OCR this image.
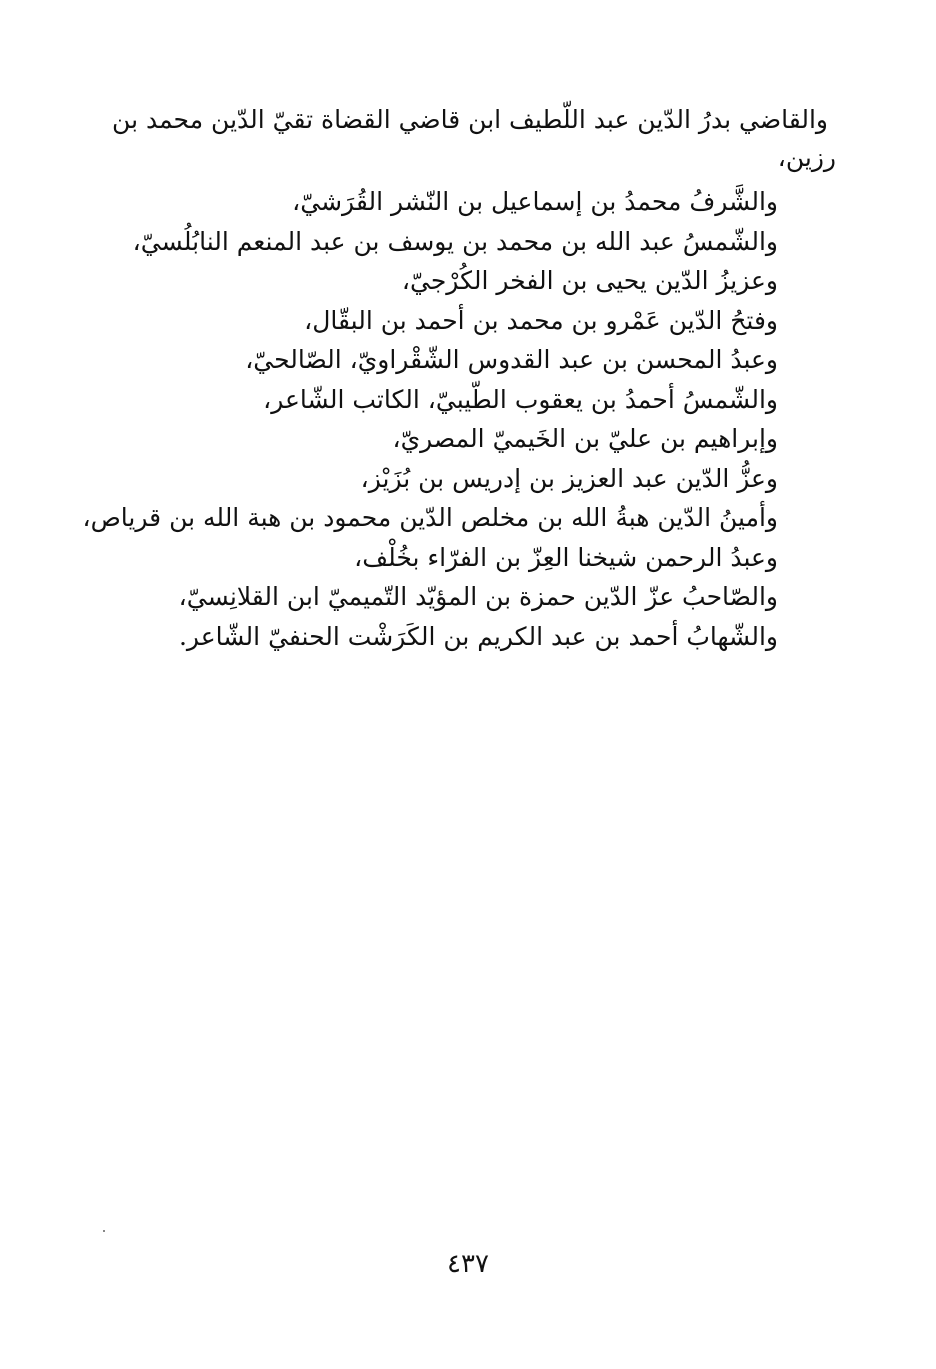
والقاضي بدرُ الدّين عبد اللّطيف ابن قاضي القضاة تقيّ الدّين محمد بن
رزين،
والشَّرفُ محمدُ بن إسماعيل بن النّشر القُرَشيّ،
والشّمسُ عبد الله بن محمد بن يوسف بن عبد المنعم النابُلُسيّ،
وعزيزُ الدّين يحيى بن الفخر الكُرْجيّ،
وفتحُ الدّين عَمْرو بن محمد بن أحمد بن البقّال،
وعبدُ المحسن بن عبد القدوس الشّقْراويّ، الصّالحيّ،
والشّمسُ أحمدُ بن يعقوب الطّيبيّ، الكاتب الشّاعر،
وإبراهيم بن عليّ بن الخَيميّ المصريّ،
وعزُّ الدّين عبد العزيز بن إدريس بن بُزَيْز،
وأمينُ الدّين هبةُ الله بن مخلص الدّين محمود بن هبة الله بن قرياص،
وعبدُ الرحمن شيخنا العِزّ بن الفرّاء بخُلْف،
والصّاحبُ عزّ الدّين حمزة بن المؤيّد التّميميّ ابن القلانِسيّ،
والشّهابُ أحمد بن عبد الكريم بن الكَرَشْت الحنفيّ الشّاعر.
٤٣٧
